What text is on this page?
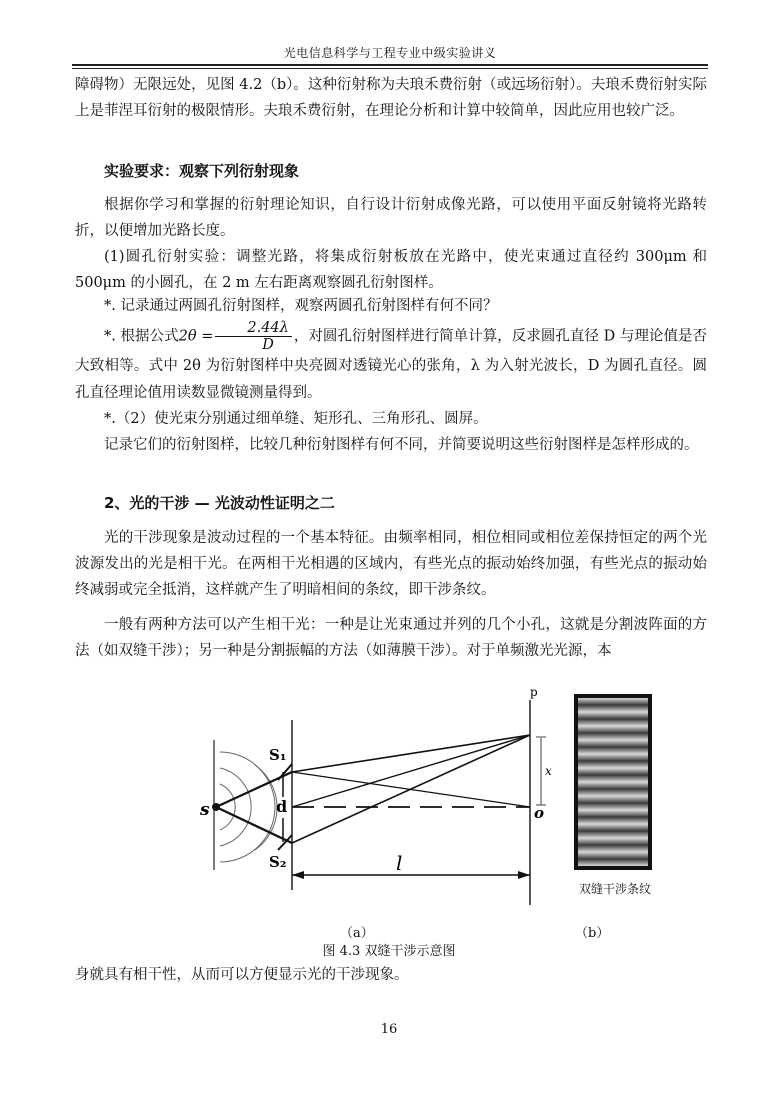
光电信息科学与工程专业中级实验讲义

障碍物）无限远处，见图 4.2（b）。这种衍射称为夫琅禾费衍射（或远场衍射）。夫琅禾费衍射实际上是菲涅耳衍射的极限情形。夫琅禾费衍射，在理论分析和计算中较简单，因此应用也较广泛。

实验要求：观察下列衍射现象

根据你学习和掌握的衍射理论知识，自行设计衍射成像光路，可以使用平面反射镜将光路转折，以便增加光路长度。

(1)圆孔衍射实验：调整光路，将集成衍射板放在光路中，使光束通过直径约 300μm 和 500μm 的小圆孔，在 2 m 左右距离观察圆孔衍射图样。

*. 记录通过两圆孔衍射图样，观察两圆孔衍射图样有何不同？

*. 根据公式$2\theta = \frac{2.44\lambda}{D}$ ，对圆孔衍射图样进行简单计算，反求圆孔直径 D 与理论值是否大致相等。式中 2θ 为衍射图样中央亮圆对透镜光心的张角，λ 为入射光波长，D 为圆孔直径。圆孔直径理论值用读数显微镜测量得到。

*.（2）使光束分别通过细单缝、矩形孔、三角形孔、圆屏。

记录它们的衍射图样，比较几种衍射图样有何不同，并简要说明这些衍射图样是怎样形成的。

2、光的干涉 — 光波动性证明之二

光的干涉现象是波动过程的一个基本特征。由频率相同，相位相同或相位差保持恒定的两个光波源发出的光是相干光。在两相干光相遇的区域内，有些光点的振动始终加强，有些光点的振动始终减弱或完全抵消，这样就产生了明暗相间的条纹，即干涉条纹。

一般有两种方法可以产生相干光：一种是让光束通过并列的几个小孔，这就是分割波阵面的方法（如双缝干涉）；另一种是分割振幅的方法（如薄膜干涉）。对于单频激光光源，本

s
S₁
S₂
d	o
p
x
l
双缝干涉条纹
（a）	（b）
图 4.3 双缝干涉示意图
身就具有相干性，从而可以方便显示光的干涉现象。
16
